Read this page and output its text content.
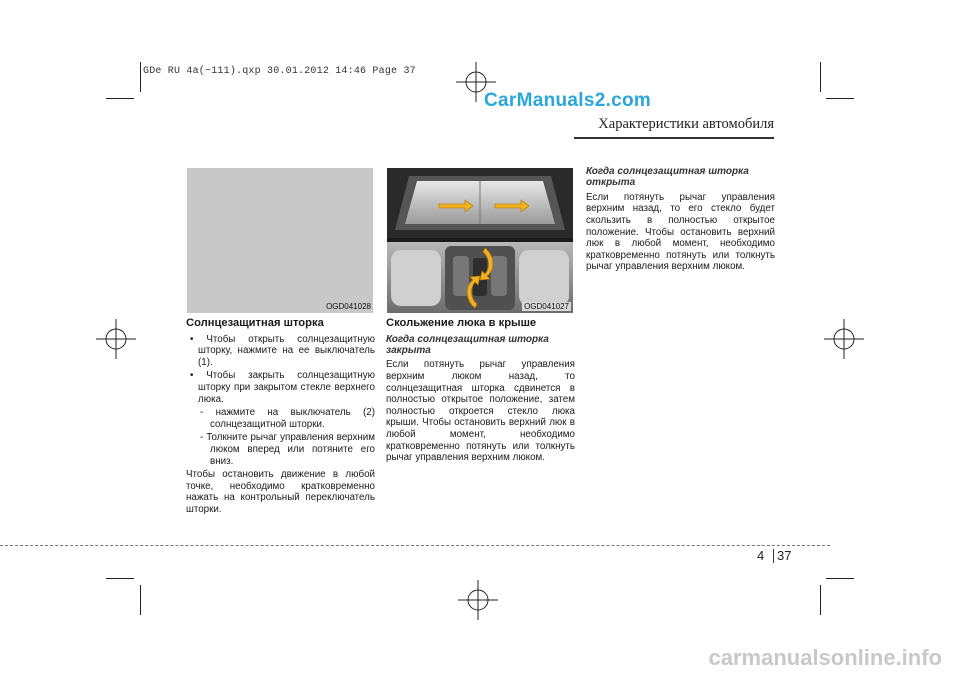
GDe RU 4a(~111).qxp 30.01.2012 14:46 Page 37
CarManuals2.com
Характеристики автомобиля
OGD041028	OGD041027
Солнцезащитная шторка
• Чтобы открыть солнцезащитную шторку, нажмите на ее выключатель (1).
• Чтобы закрыть солнцезащитную шторку при закрытом стекле верхнего люка.
- нажмите на выключатель (2) солнцезащитной шторки.
- Толкните рычаг управления верхним люком вперед или потяните его вниз.
Чтобы остановить движение в любой точке, необходимо кратковременно нажать на контрольный переключатель шторки.
Скольжение люка в крыше
Когда солнцезащитная шторка закрыта
Если потянуть рычаг управления верхним люком назад, то солнцезащитная шторка сдвинется в полностью открытое положение, затем полностью откроется стекло люка крыши. Чтобы остановить верхний люк в любой момент, необходимо кратковременно потянуть или толкнуть рычаг управления верхним люком.
Когда солнцезащитная шторка открыта
Если потянуть рычаг управления верхним назад, то его стекло будет скользить в полностью открытое положение. Чтобы остановить верхний люк в любой момент, необходимо кратковременно потянуть или толкнуть рычаг управления верхним люком.
4 37
carmanualsonline.info
